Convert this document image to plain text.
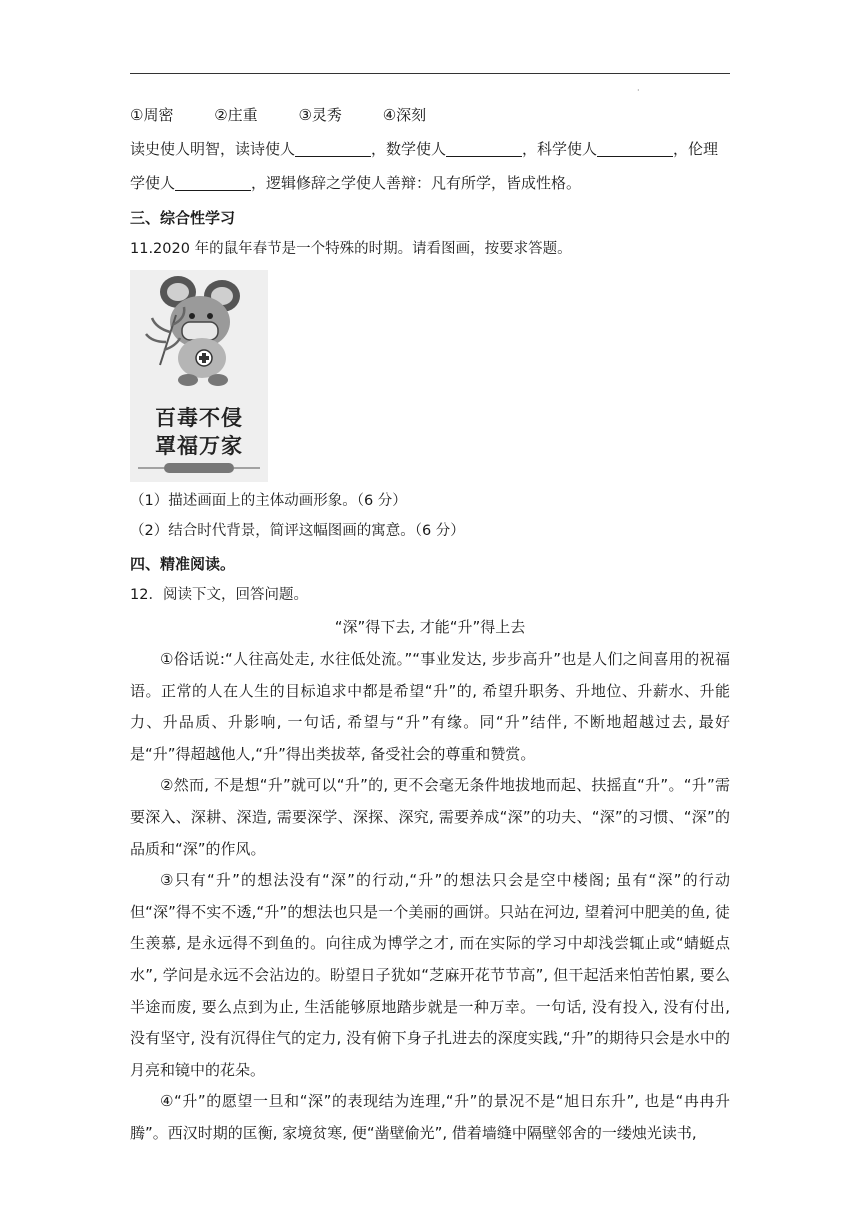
·
①周密	②庄重	③灵秀	④深刻
读史使人明智，读诗使人	，数学使人	，科学使人	，伦理
学使人	，逻辑修辞之学使人善辩：凡有所学，皆成性格。
三、综合性学习
11.2020 年的鼠年春节是一个特殊的时期。请看图画，按要求答题。
百毒不侵
罩福万家
（1）描述画面上的主体动画形象。（6 分）
（2）结合时代背景，简评这幅图画的寓意。（6 分）
四、精准阅读。
12．阅读下文，回答问题。
“深”得下去, 才能“升”得上去
①俗话说:“人往高处走, 水往低处流。”“事业发达, 步步高升”也是人们之间喜用的祝福语。正常的人在人生的目标追求中都是希望“升”的, 希望升职务、升地位、升薪水、升能力、升品质、升影响, 一句话, 希望与“升”有缘。同“升”结伴, 不断地超越过去, 最好是“升”得超越他人,“升”得出类拔萃, 备受社会的尊重和赞赏。
②然而, 不是想“升”就可以“升”的, 更不会毫无条件地拔地而起、扶摇直“升”。“升”需要深入、深耕、深造, 需要深学、深探、深究, 需要养成“深”的功夫、“深”的习惯、“深”的品质和“深”的作风。
③只有“升”的想法没有“深”的行动,“升”的想法只会是空中楼阁; 虽有“深”的行动但“深”得不实不透,“升”的想法也只是一个美丽的画饼。只站在河边, 望着河中肥美的鱼, 徒生羡慕, 是永远得不到鱼的。向往成为博学之才, 而在实际的学习中却浅尝辄止或“蜻蜓点水”, 学问是永远不会沾边的。盼望日子犹如“芝麻开花节节高”, 但干起活来怕苦怕累, 要么半途而废, 要么点到为止, 生活能够原地踏步就是一种万幸。一句话, 没有投入, 没有付出, 没有坚守, 没有沉得住气的定力, 没有俯下身子扎进去的深度实践,“升”的期待只会是水中的月亮和镜中的花朵。
④“升”的愿望一旦和“深”的表现结为连理,“升”的景况不是“旭日东升”, 也是“冉冉升腾”。西汉时期的匡衡, 家境贫寒, 便“凿壁偷光”, 借着墙缝中隔壁邻舍的一缕烛光读书,
